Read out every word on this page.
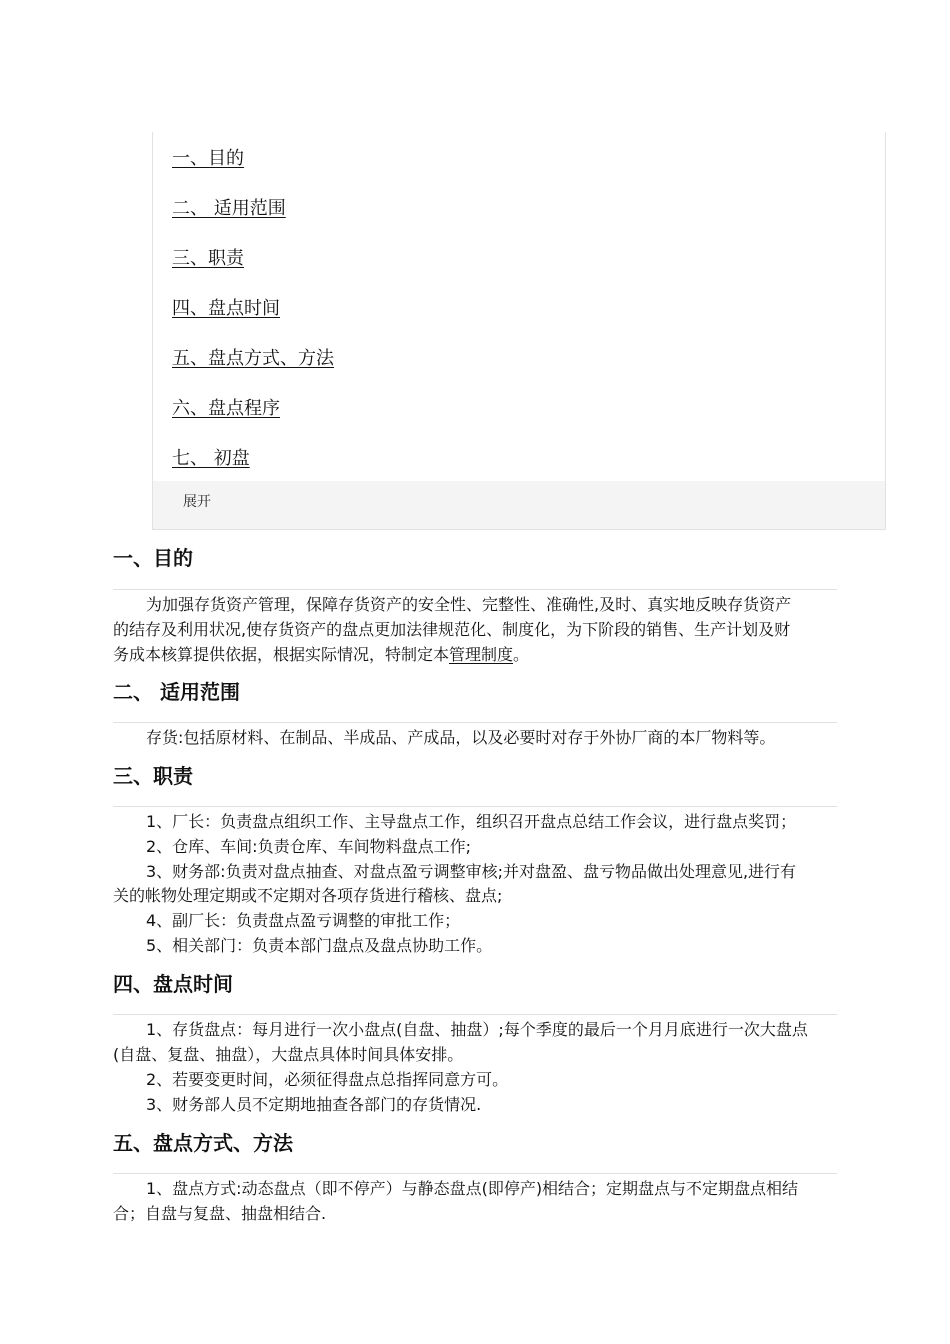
一、目的
二、 适用范围
三、职责
四、盘点时间
五、盘点方式、方法
六、盘点程序
七、 初盘
展开
一、目的
为加强存货资产管理，保障存货资产的安全性、完整性、准确性,及时、真实地反映存货资产
的结存及利用状况,使存货资产的盘点更加法律规范化、制度化，为下阶段的销售、生产计划及财
务成本核算提供依据，根据实际情况，特制定本管理制度。
二、 适用范围
存货:包括原材料、在制品、半成品、产成品，以及必要时对存于外协厂商的本厂物料等。
三、职责
1、厂长：负责盘点组织工作、主导盘点工作，组织召开盘点总结工作会议，进行盘点奖罚；
2、仓库、车间:负责仓库、车间物料盘点工作;
3、财务部:负责对盘点抽查、对盘点盈亏调整审核;并对盘盈、盘亏物品做出处理意见,进行有
关的帐物处理定期或不定期对各项存货进行稽核、盘点;
4、副厂长：负责盘点盈亏调整的审批工作；
5、相关部门：负责本部门盘点及盘点协助工作。
四、盘点时间
1、存货盘点：每月进行一次小盘点(自盘、抽盘）;每个季度的最后一个月月底进行一次大盘点
(自盘、复盘、抽盘），大盘点具体时间具体安排。
2、若要变更时间，必须征得盘点总指挥同意方可。
3、财务部人员不定期地抽查各部门的存货情况.
五、盘点方式、方法
1、盘点方式:动态盘点（即不停产）与静态盘点(即停产)相结合；定期盘点与不定期盘点相结
合；自盘与复盘、抽盘相结合.
